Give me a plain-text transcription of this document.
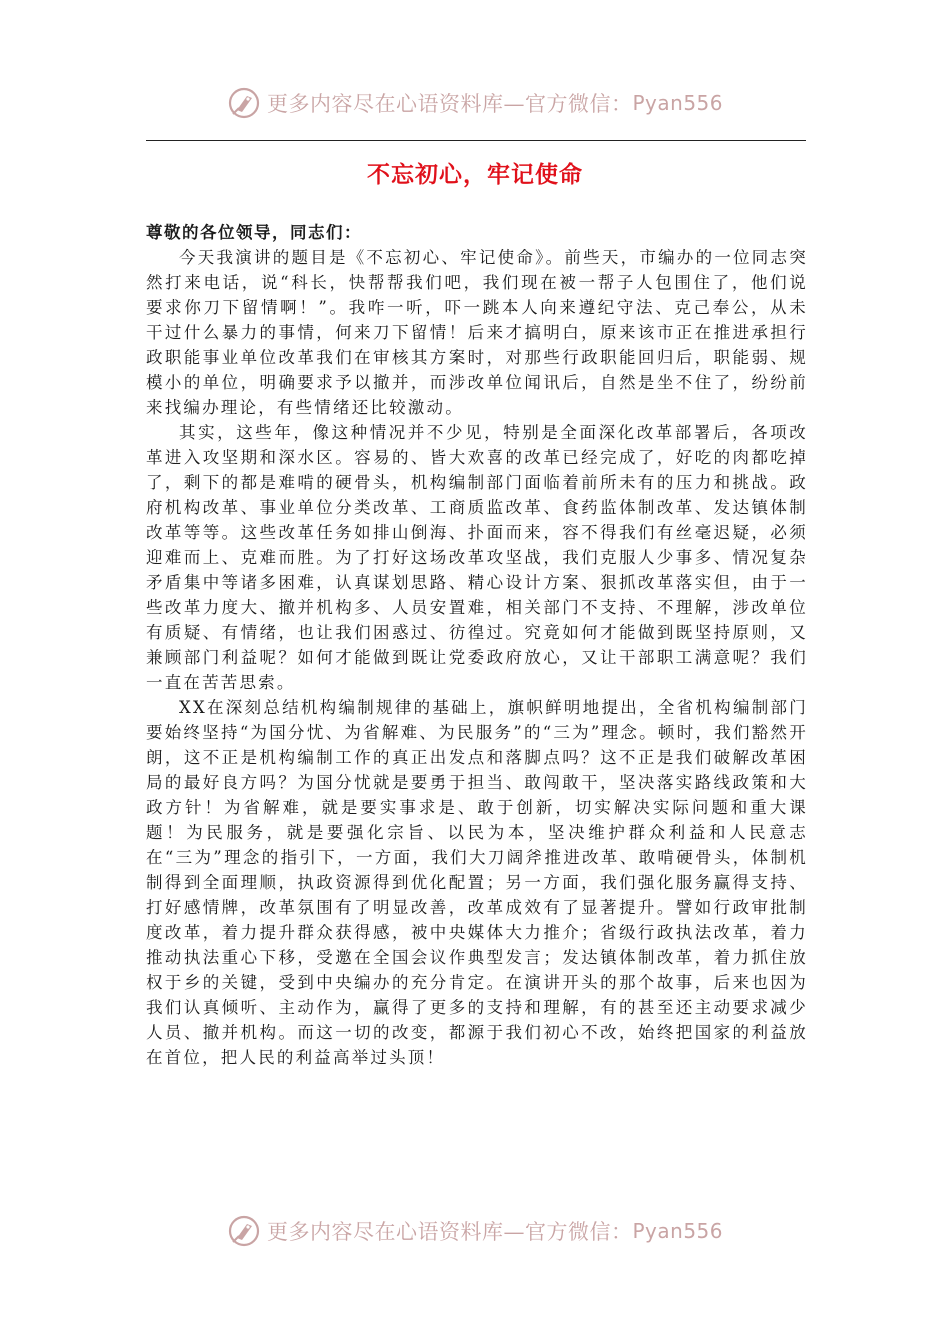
更多内容尽在心语资料库—官方微信： Pyan556
不忘初心，牢记使命

尊敬的各位领导，同志们：

今天我演讲的题目是《不忘初心、牢记使命》。前些天，市编办的一位同志突然打来电话，说“科长，快帮帮我们吧，我们现在被一帮子人包围住了，他们说要求你刀下留情啊！”。我咋一听，吓一跳本人向来遵纪守法、克己奉公，从未干过什么暴力的事情，何来刀下留情！后来才搞明白，原来该市正在推进承担行政职能事业单位改革我们在审核其方案时，对那些行政职能回归后，职能弱、规模小的单位，明确要求予以撤并，而涉改单位闻讯后，自然是坐不住了，纷纷前来找编办理论，有些情绪还比较激动。

其实，这些年，像这种情况并不少见，特别是全面深化改革部署后，各项改革进入攻坚期和深水区。容易的、皆大欢喜的改革已经完成了，好吃的肉都吃掉了，剩下的都是难啃的硬骨头，机构编制部门面临着前所未有的压力和挑战。政府机构改革、事业单位分类改革、工商质监改革、食药监体制改革、发达镇体制改革等等。这些改革任务如排山倒海、扑面而来，容不得我们有丝毫迟疑，必须迎难而上、克难而胜。为了打好这场改革攻坚战，我们克服人少事多、情况复杂矛盾集中等诸多困难，认真谋划思路、精心设计方案、狠抓改革落实但，由于一些改革力度大、撤并机构多、人员安置难，相关部门不支持、不理解，涉改单位有质疑、有情绪，也让我们困惑过、彷徨过。究竟如何才能做到既坚持原则，又兼顾部门利益呢？如何才能做到既让党委政府放心，又让干部职工满意呢？我们一直在苦苦思索。

XX在深刻总结机构编制规律的基础上，旗帜鲜明地提出，全省机构编制部门要始终坚持“为国分忧、为省解难、为民服务”的“三为”理念。顿时，我们豁然开朗，这不正是机构编制工作的真正出发点和落脚点吗？这不正是我们破解改革困局的最好良方吗？为国分忧就是要勇于担当、敢闯敢干，坚决落实路线政策和大政方针！为省解难，就是要实事求是、敢于创新，切实解决实际问题和重大课题！为民服务，就是要强化宗旨、以民为本，坚决维护群众利益和人民意志在“三为”理念的指引下，一方面，我们大刀阔斧推进改革、敢啃硬骨头，体制机制得到全面理顺，执政资源得到优化配置；另一方面，我们强化服务赢得支持、打好感情牌，改革氛围有了明显改善，改革成效有了显著提升。譬如行政审批制度改革，着力提升群众获得感，被中央媒体大力推介；省级行政执法改革，着力推动执法重心下移，受邀在全国会议作典型发言；发达镇体制改革，着力抓住放权于乡的关键，受到中央编办的充分肯定。在演讲开头的那个故事，后来也因为我们认真倾听、主动作为，赢得了更多的支持和理解，有的甚至还主动要求减少人员、撤并机构。而这一切的改变，都源于我们初心不改，始终把国家的利益放在首位，把人民的利益高举过头顶！

更多内容尽在心语资料库—官方微信： Pyan556
